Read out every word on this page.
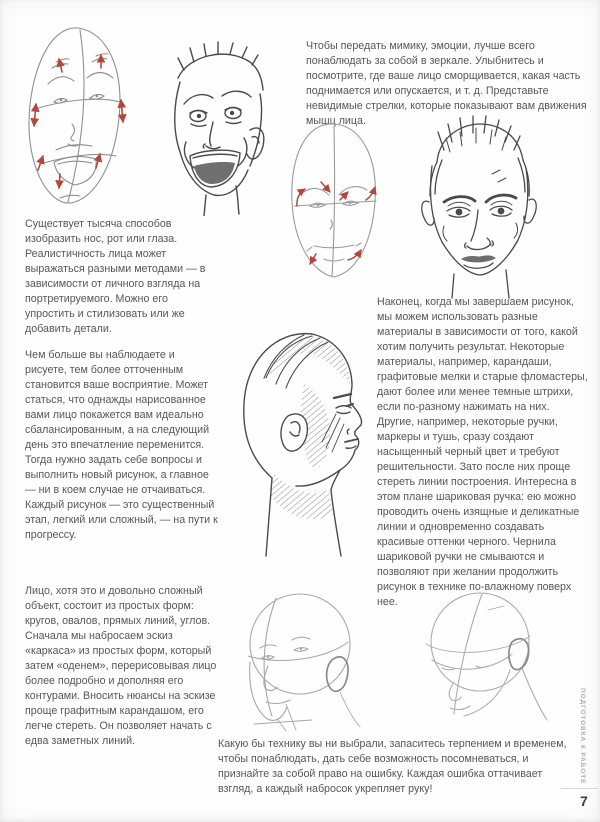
Чтобы передать мимику, эмоции, лучше всего понаблюдать за собой в зеркале. Улыбнитесь и посмотрите, где ваше лицо сморщивается, какая часть поднимается или опускается, и т. д. Представьте невидимые стрелки, которые показывают вам движения мышц лица.

Существует тысяча способов изобразить нос, рот или глаза. Реалистичность лица может выражаться разными методами — в зависимости от личного взгляда на портретируемого. Можно его упростить и стилизовать или же добавить детали.

Чем больше вы наблюдаете и рисуете, тем более отточенным становится ваше восприятие. Может статься, что однажды нарисованное вами лицо покажется вам идеально сбалансированным, а на следующий день это впечатление переменится. Тогда нужно задать себе вопросы и выполнить новый рисунок, а главное — ни в коем случае не отчаиваться. Каждый рисунок — это существенный этап, легкий или сложный, — на пути к прогрессу.

Наконец, когда мы завершаем рисунок, мы можем использовать разные материалы в зависимости от того, какой хотим получить результат. Некоторые материалы, например, карандаши, графитовые мелки и старые фломастеры, дают более или менее темные штрихи, если по-разному нажимать на них. Другие, например, некоторые ручки, маркеры и тушь, сразу создают насыщенный черный цвет и требуют решительности. Зато после них проще стереть линии построения. Интересна в этом плане шариковая ручка: ею можно проводить очень изящные и деликатные линии и одновременно создавать красивые оттенки черного. Чернила шариковой ручки не смываются и позволяют при желании продолжить рисунок в технике по-влажному поверх нее.

Лицо, хотя это и довольно сложный объект, состоит из простых форм: кругов, овалов, прямых линий, углов. Сначала мы набросаем эскиз «каркаса» из простых форм, который затем «оденем», перерисовывая лицо более подробно и дополняя его контурами. Вносить нюансы на эскизе проще графитным карандашом, его легче стереть. Он позволяет начать с едва заметных линий.	Какую бы технику вы ни выбрали, запаситесь терпением и временем, чтобы понаблюдать, дать себе возможность посомневаться, и признайте за собой право на ошибку. Каждая ошибка оттачивает взгляд, а каждый набросок укрепляет руку!

ПОДГОТОВКА К РАБОТЕ
7
